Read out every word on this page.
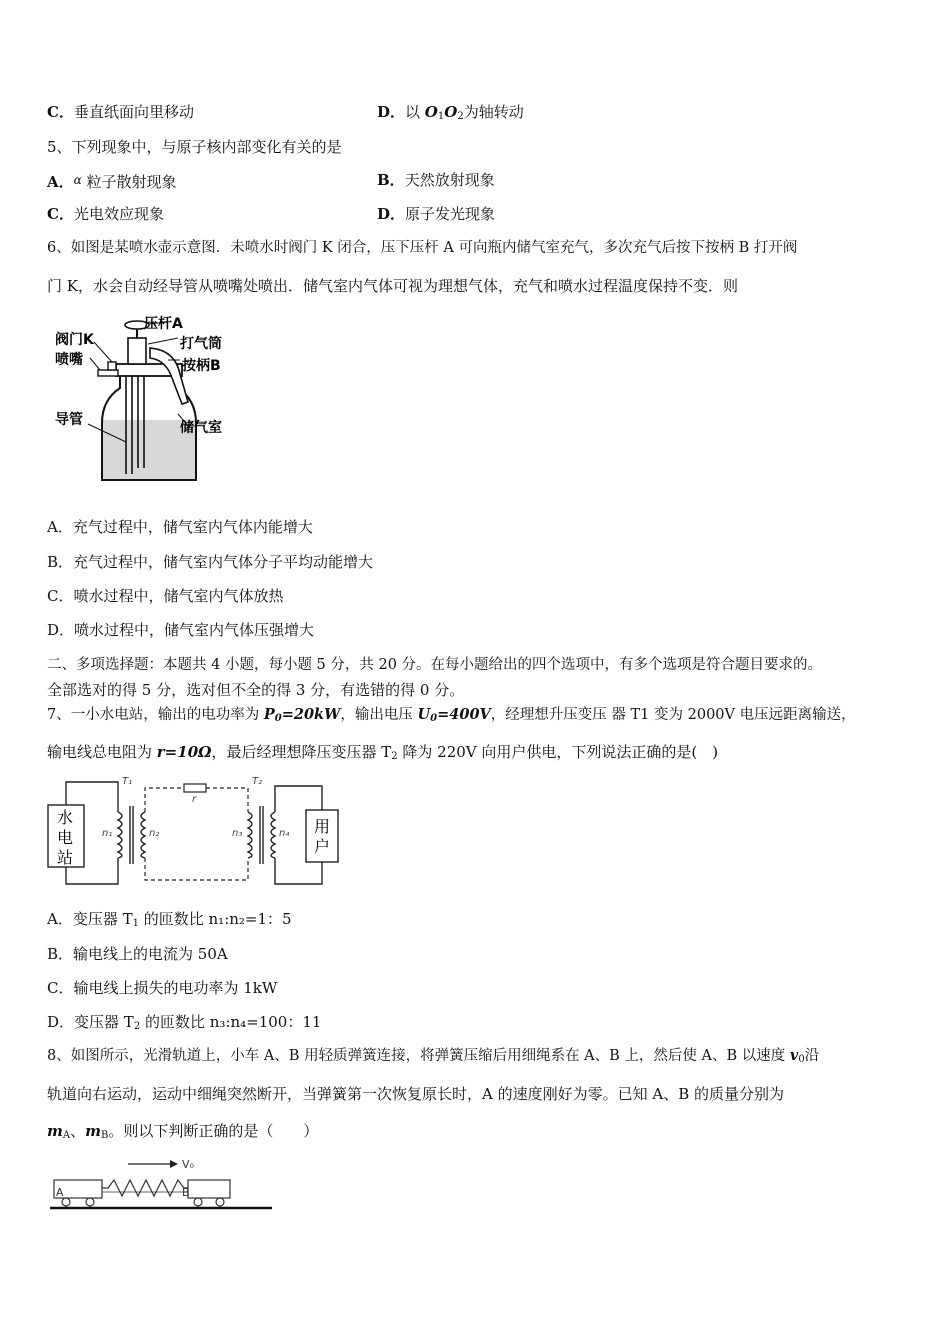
C．垂直纸面向里移动	D．以 $O_1O_2$为轴转动
5、下列现象中，与原子核内部变化有关的是
A．$^\alpha$ 粒子散射现象	B．天然放射现象
C．光电效应现象	D．原子发光现象
6、如图是某喷水壶示意图．未喷水时阀门 K 闭合，压下压杆 A 可向瓶内储气室充气，多次充气后按下按柄 B 打开阀
门 K，水会自动经导管从喷嘴处喷出．储气室内气体可视为理想气体，充气和喷水过程温度保持不变．则
压杆A
阀门K	打气筒
喷嘴	按柄B
导管	储气室
A．充气过程中，储气室内气体内能增大
B．充气过程中，储气室内气体分子平均动能增大
C．喷水过程中，储气室内气体放热
D．喷水过程中，储气室内气体压强增大
二、多项选择题：本题共 4 小题，每小题 5 分，共 20 分。在每小题给出的四个选项中，有多个选项是符合题目要求的。
全部选对的得 5 分，选对但不全的得 3 分，有选错的得 0 分。
7、一小水电站，输出的电功率为 $P_0=20kW$，输出电压 $U_0=400V$，经理想升压变压 器 T1 变为 2000V 电压远距离输送，
输电线总电阻为 r=10Ω，最后经理想降压变压器 $T_2$ 降为 220V 向用户供电，下列说法正确的是(　)
水
电
站
用
户
T₁	T₂
r
n₁	n₂	n₃	n₄
A．变压器 $T_1$ 的匝数比 n₁:n₂=1：5
B．输电线上的电流为 50A
C．输电线上损失的电功率为 1kW
D．变压器 $T_2$ 的匝数比 n₃:n₄=100：11
8、如图所示，光滑轨道上，小车 A、B 用轻质弹簧连接，将弹簧压缩后用细绳系在 A、B 上，然后使 A、B 以速度 $v_0$沿
轨道向右运动，运动中细绳突然断开，当弹簧第一次恢复原长时，A 的速度刚好为零。已知 A、B 的质量分别为
$m_A$、$m_B$。则以下判断正确的是（　　）
V₀
A	B
